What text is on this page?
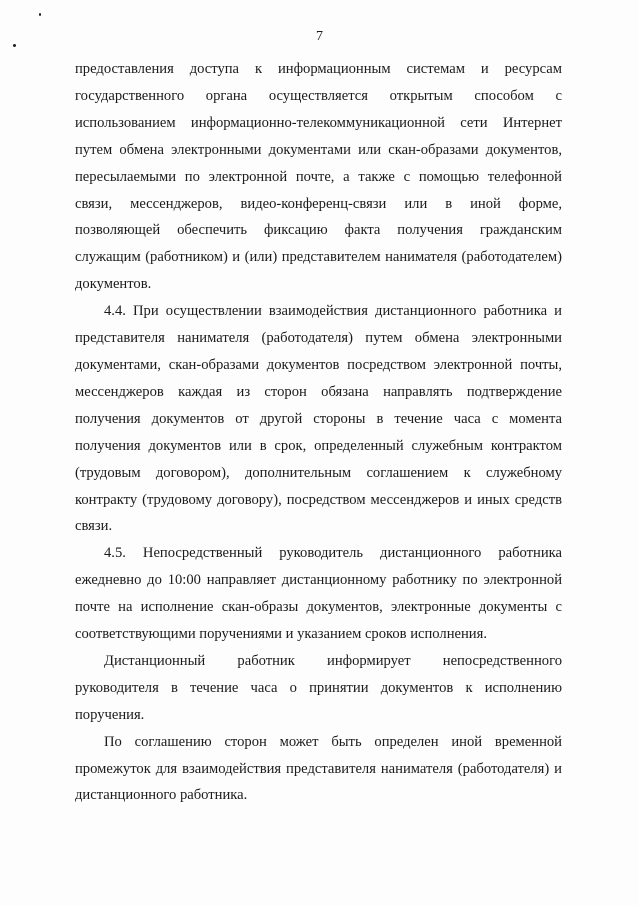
7

предоставления доступа к информационным системам и ресурсам государственного органа осуществляется открытым способом с использованием информационно-телекоммуникационной сети Интернет путем обмена электронными документами или скан-образами документов, пересылаемыми по электронной почте, а также с помощью телефонной связи, мессенджеров, видео-конференц-связи или в иной форме, позволяющей обеспечить фиксацию факта получения гражданским служащим (работником) и (или) представителем нанимателя (работодателем) документов.

4.4. При осуществлении взаимодействия дистанционного работника и представителя нанимателя (работодателя) путем обмена электронными документами, скан-образами документов посредством электронной почты, мессенджеров каждая из сторон обязана направлять подтверждение получения документов от другой стороны в течение часа с момента получения документов или в срок, определенный служебным контрактом (трудовым договором), дополнительным соглашением к служебному контракту (трудовому договору), посредством мессенджеров и иных средств связи.

4.5. Непосредственный руководитель дистанционного работника ежедневно до 10:00 направляет дистанционному работнику по электронной почте на исполнение скан-образы документов, электронные документы с соответствующими поручениями и указанием сроков исполнения.

Дистанционный работник информирует непосредственного руководителя в течение часа о принятии документов к исполнению поручения.

По соглашению сторон может быть определен иной временной промежуток для взаимодействия представителя нанимателя (работодателя) и дистанционного работника.
